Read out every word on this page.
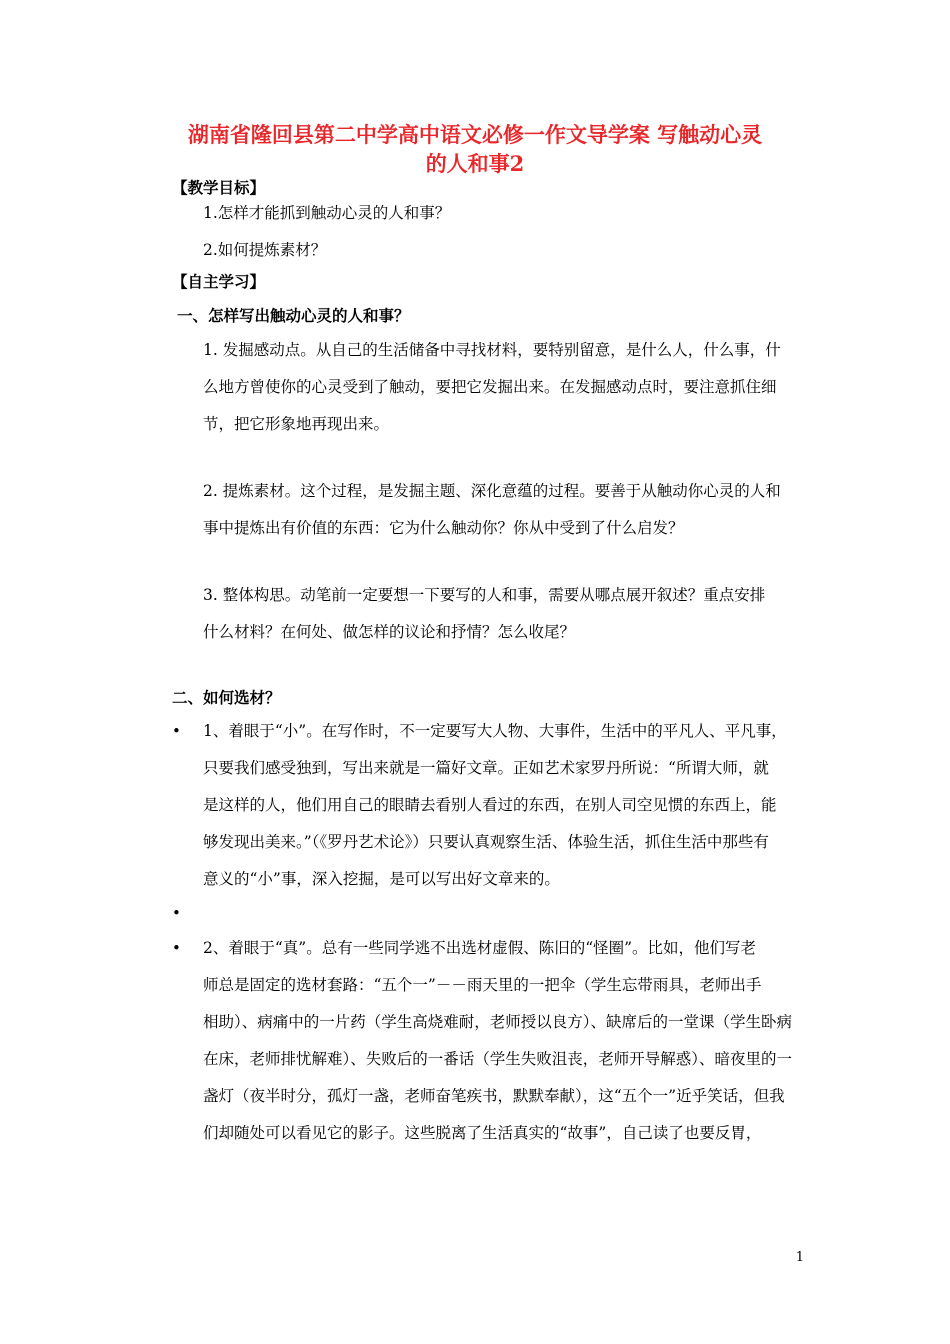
湖南省隆回县第二中学高中语文必修一作文导学案 写触动心灵
的人和事2
【教学目标】
1.怎样才能抓到触动心灵的人和事？
2.如何提炼素材？
【自主学习】
一、怎样写出触动心灵的人和事？
1. 发掘感动点。从自己的生活储备中寻找材料，要特别留意，是什么人，什么事，什
么地方曾使你的心灵受到了触动，要把它发掘出来。在发掘感动点时，要注意抓住细
节，把它形象地再现出来。
2. 提炼素材。这个过程，是发掘主题、深化意蕴的过程。要善于从触动你心灵的人和
事中提炼出有价值的东西：它为什么触动你？你从中受到了什么启发？
3. 整体构思。动笔前一定要想一下要写的人和事，需要从哪点展开叙述？重点安排
什么材料？在何处、做怎样的议论和抒情？怎么收尾？
二、如何选材？
• 1、着眼于“小”。在写作时，不一定要写大人物、大事件，生活中的平凡人、平凡事，
只要我们感受独到，写出来就是一篇好文章。正如艺术家罗丹所说：“所谓大师，就
是这样的人，他们用自己的眼睛去看别人看过的东西，在别人司空见惯的东西上，能
够发现出美来。”（《罗丹艺术论》）只要认真观察生活、体验生活，抓住生活中那些有
意义的“小”事，深入挖掘，是可以写出好文章来的。
•
• 2、着眼于“真”。总有一些同学逃不出选材虚假、陈旧的“怪圈”。比如，他们写老
师总是固定的选材套路：“五个一”－－雨天里的一把伞（学生忘带雨具，老师出手
相助）、病痛中的一片药（学生高烧难耐，老师授以良方）、缺席后的一堂课（学生卧病
在床，老师排忧解难）、失败后的一番话（学生失败沮丧，老师开导解惑）、暗夜里的一
盏灯（夜半时分，孤灯一盏，老师奋笔疾书，默默奉献），这“五个一”近乎笑话，但我
们却随处可以看见它的影子。这些脱离了生活真实的“故事”，自己读了也要反胃，
1
